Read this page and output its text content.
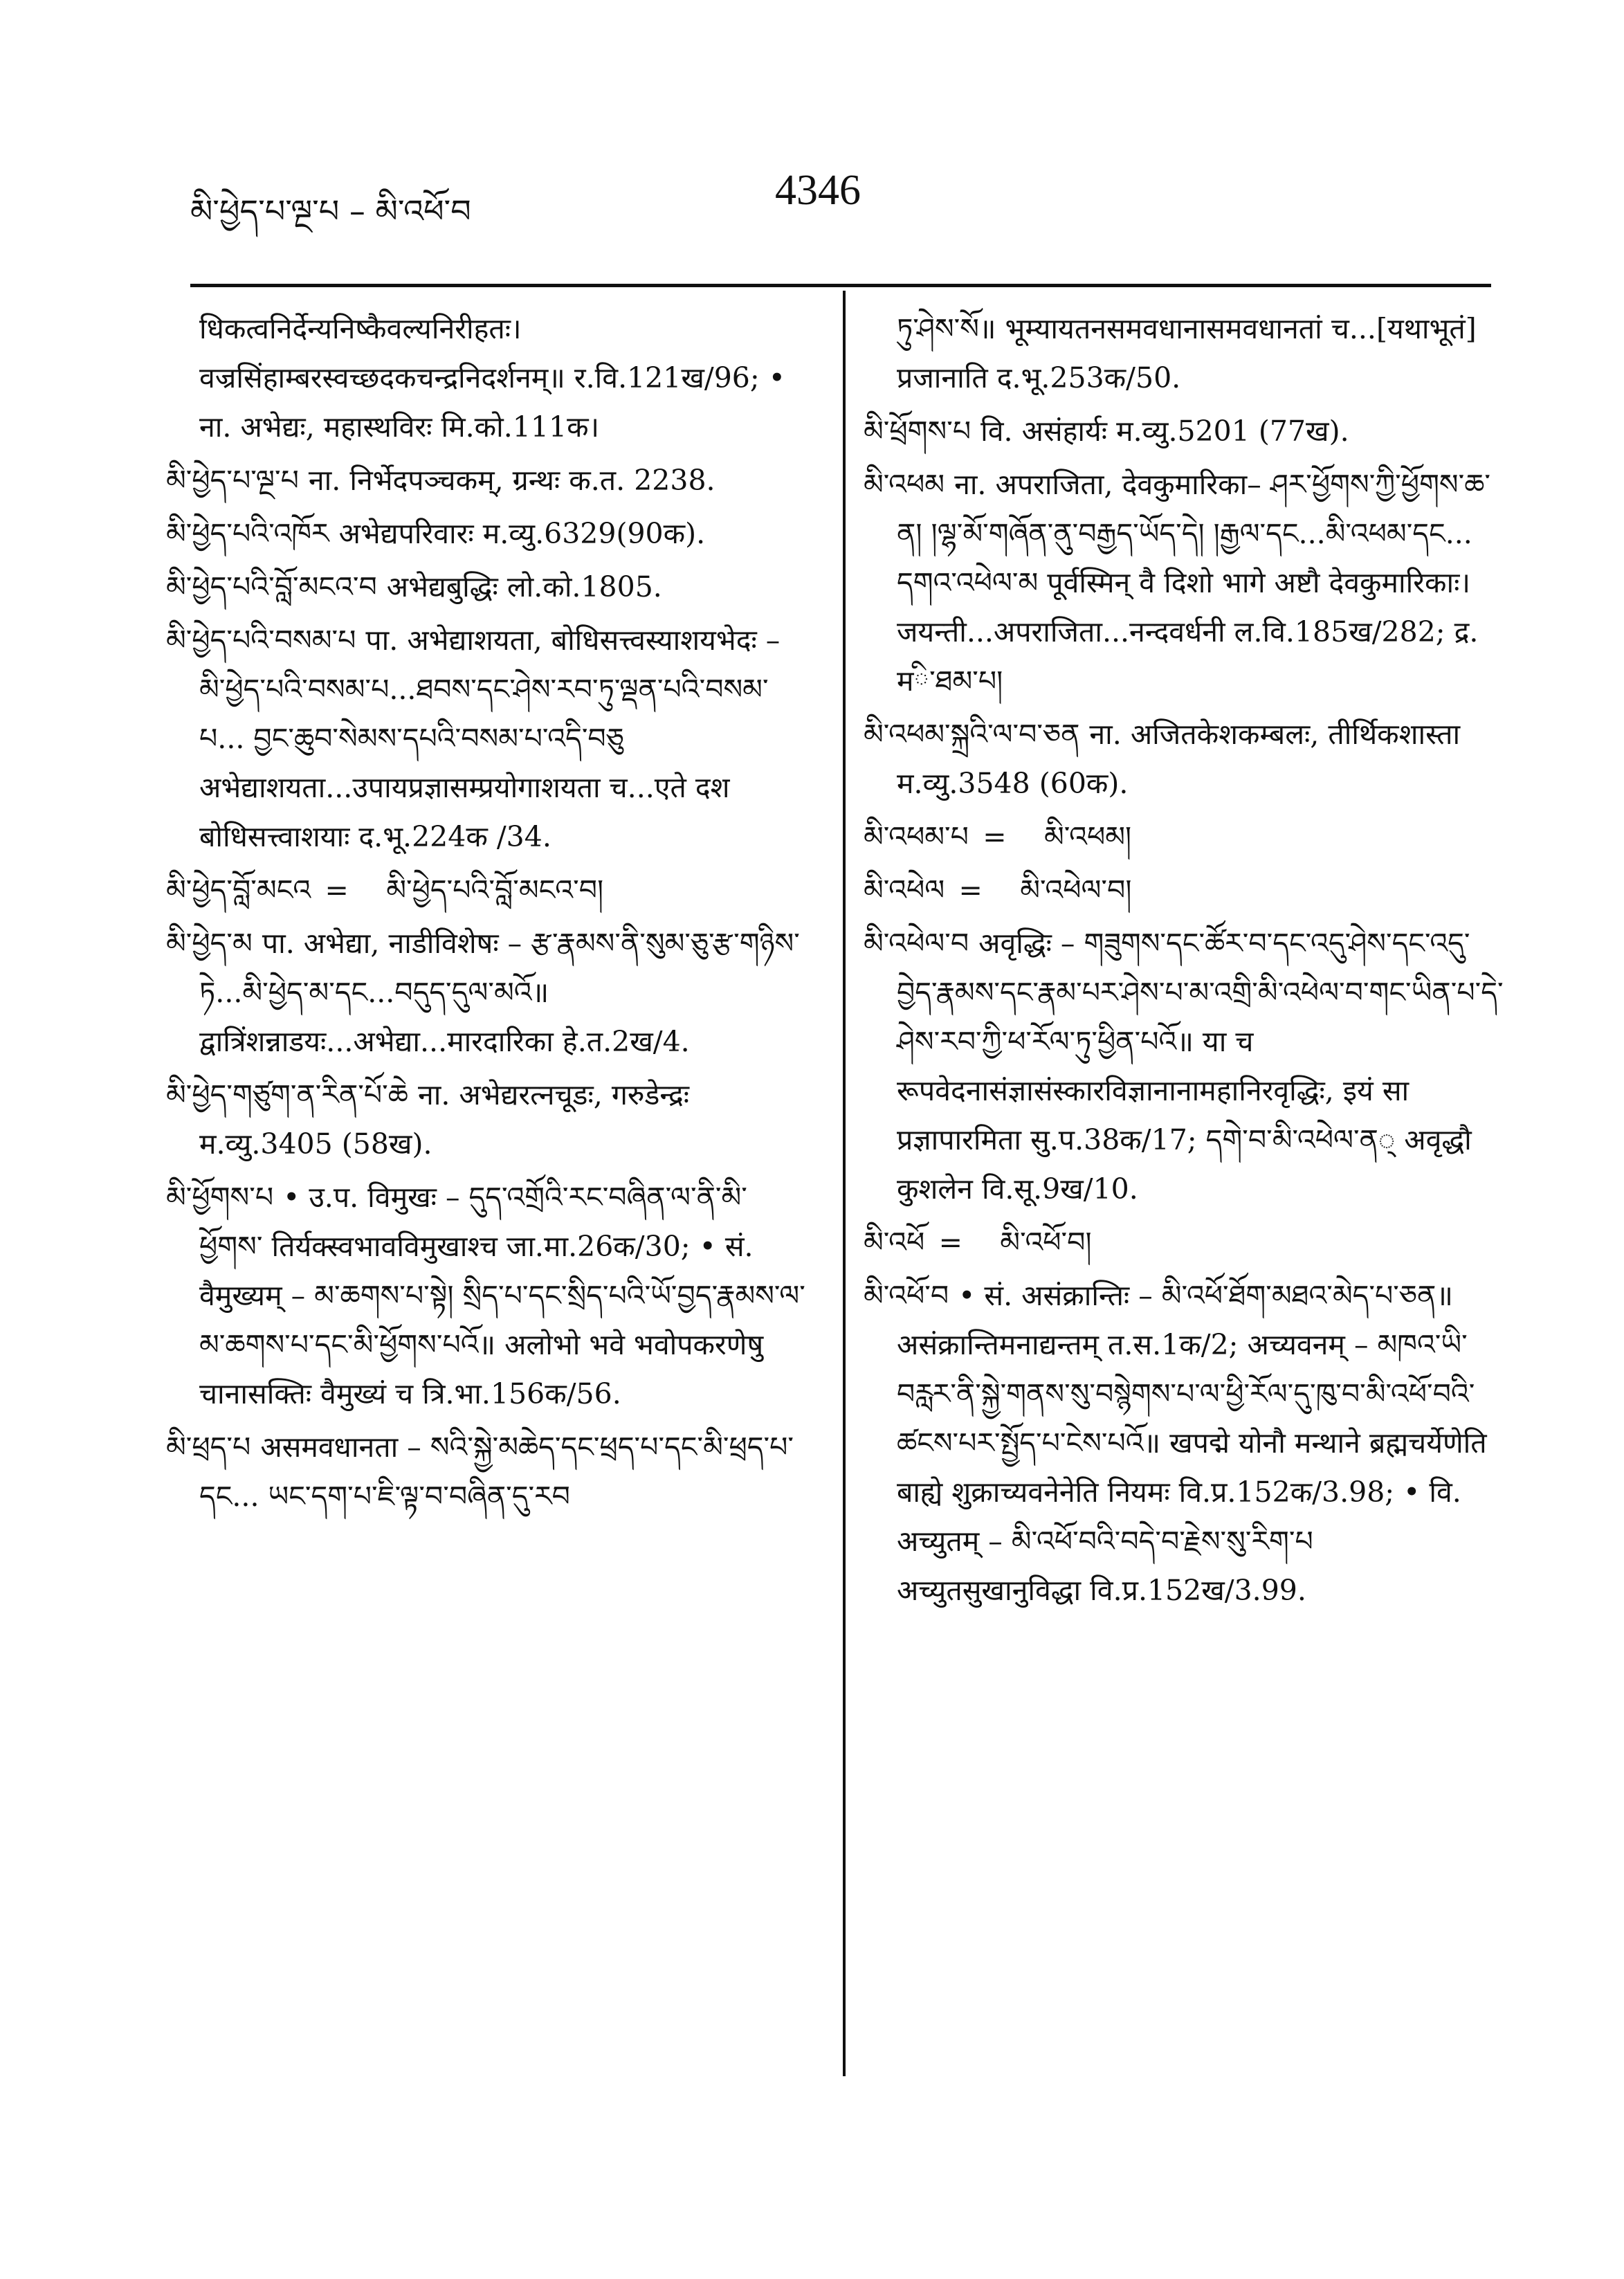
མི་ཕྱེད་པ་ལྔ་པ – མི་འཕོ་བ	4346
धिकत्वनिर्देन्यनिष्कैवल्यनिरीहतः। वज्रसिंहाम्बरस्वच्छदकचन्द्रनिदर्शनम्॥ र.वि.121ख/96; • ना. अभेद्यः, महास्थविरः मि.को.111क।
མི་ཕྱེད་པ་ལྔ་པ ना. निर्भेदपञ्चकम्, ग्रन्थः क.त. 2238.
མི་ཕྱེད་པའི་འཁོར अभेद्यपरिवारः म.व्यु.6329(90क).
མི་ཕྱེད་པའི་བློ་མངའ་བ अभेद्यबुद्धिः लो.को.1805.
མི་ཕྱེད་པའི་བསམ་པ पा. अभेद्याशयता, बोधिसत्त्वस्याशयभेदः – མི་ཕྱེད་པའི་བསམ་པ...ཐབས་དང་ཤེས་རབ་ཏུ་ལྡན་པའི་བསམ་པ... བྱང་ཆུབ་སེམས་དཔའི་བསམ་པ་འདི་བཅུ अभेद्याशयता...उपायप्रज्ञासम्प्रयोगाशयता च...एते दश बोधिसत्त्वाशयाः द.भू.224क /34.
མི་ཕྱེད་བློ་མངའ = མི་ཕྱེད་པའི་བློ་མངའ་བ།
མི་ཕྱེད་མ पा. अभेद्या, नाडीविशेषः – རྩ་རྣམས་ནི་སུམ་ཅུ་རྩ་གཉིས་ཏེ...མི་ཕྱེད་མ་དང...བདུད་དུལ་མའོ॥ द्वात्रिंशन्नाडयः...अभेद्या...मारदारिका हे.त.2ख/4.
མི་ཕྱེད་གཙུག་ན་རིན་པོ་ཆེ ना. अभेद्यरत्नचूडः, गरुडेन्द्रः म.व्यु.3405 (58ख).
མི་ཕྱོགས་པ • उ.प. विमुखः – དུད་འགྲོའི་རང་བཞིན་ལ་ནི་མི་ཕྱོགས་ तिर्यक्स्वभावविमुखाश्च जा.मा.26क/30; • सं. वैमुख्यम् – མ་ཆགས་པ་སྟེ། སྲིད་པ་དང་སྲིད་པའི་ཡོ་བྱད་རྣམས་ལ་མ་ཆགས་པ་དང་མི་ཕྱོགས་པའོ॥ अलोभो भवे भवोपकरणेषु चानासक्तिः वैमुख्यं च त्रि.भा.156क/56.
མི་ཕྲད་པ असमवधानता – སའི་སྐྱེ་མཆེད་དང་ཕྲད་པ་དང་མི་ཕྲད་པ་དང... ཡང་དག་པ་ཇི་ལྟ་བ་བཞིན་དུ་རབ
ཏུ་ཤེས་སོ॥ भूम्यायतनसमवधानासमवधानतां च...[यथाभूतं] प्रजानाति द.भू.253क/50.
མི་ཕྲོགས་པ वि. असंहार्यः म.व्यु.5201 (77ख).
མི་འཕམ ना. अपराजिता, देवकुमारिका– ཤར་ཕྱོགས་ཀྱི་ཕྱོགས་ཆ་ན། །ལྷ་མོ་གཞོན་ནུ་བརྒྱད་ཡོད་དེ། །རྒྱལ་དང...མི་འཕམ་དང... དགའ་འཕེལ་མ पूर्वस्मिन् वै दिशो भागे अष्टौ देवकुमारिकाः। जयन्ती...अपराजिता...नन्दवर्धनी ल.वि.185ख/282; द्र. मི་ཐམ་པ།
མི་འཕམ་སྐྲའི་ལ་བ་ཅན ना. अजितकेशकम्बलः, तीर्थिकशास्ता म.व्यु.3548 (60क).
མི་འཕམ་པ = མི་འཕམ།
མི་འཕེལ = མི་འཕེལ་བ།
མི་འཕེལ་བ अवृद्धिः – གཟུགས་དང་ཚོར་བ་དང་འདུ་ཤེས་དང་འདུ་བྱེད་རྣམས་དང་རྣམ་པར་ཤེས་པ་མ་འགྲི་མི་འཕེལ་བ་གང་ཡིན་པ་དེ་ཤེས་རབ་ཀྱི་ཕ་རོལ་ཏུ་ཕྱིན་པའོ॥ या च रूपवेदनासंज्ञासंस्कारविज्ञानानामहानिरवृद्धिः, इयं सा प्रज्ञापारमिता सु.प.38क/17; དགེ་བ་མི་འཕེལ་ན् अवृद्धौ कुशलेन वि.सू.9ख/10.
མི་འཕོ = མི་འཕོ་བ།
མི་འཕོ་བ • सं. असंक्रान्तिः – མི་འཕོ་ཐོག་མཐའ་མེད་པ་ཅན॥ असंक्रान्तिमनाद्यन्तम् त.स.1क/2; अच्यवनम् – མཁའ་ཡི་བརླར་ནི་སྐྱེ་གནས་སུ་བསྙེགས་པ་ལ་ཕྱི་རོལ་དུ་ཁུ་བ་མི་འཕོ་བའི་ཚངས་པར་སྤྱོད་པ་ངེས་པའོ॥ खपद्मे योनौ मन्थाने ब्रह्मचर्येणेति बाह्ये शुक्राच्यवनेनेति नियमः वि.प्र.152क/3.98; • वि. अच्युतम् – མི་འཕོ་བའི་བདེ་བ་རྗེས་སུ་རིག་པ अच्युतसुखानुविद्धा वि.प्र.152ख/3.99.
